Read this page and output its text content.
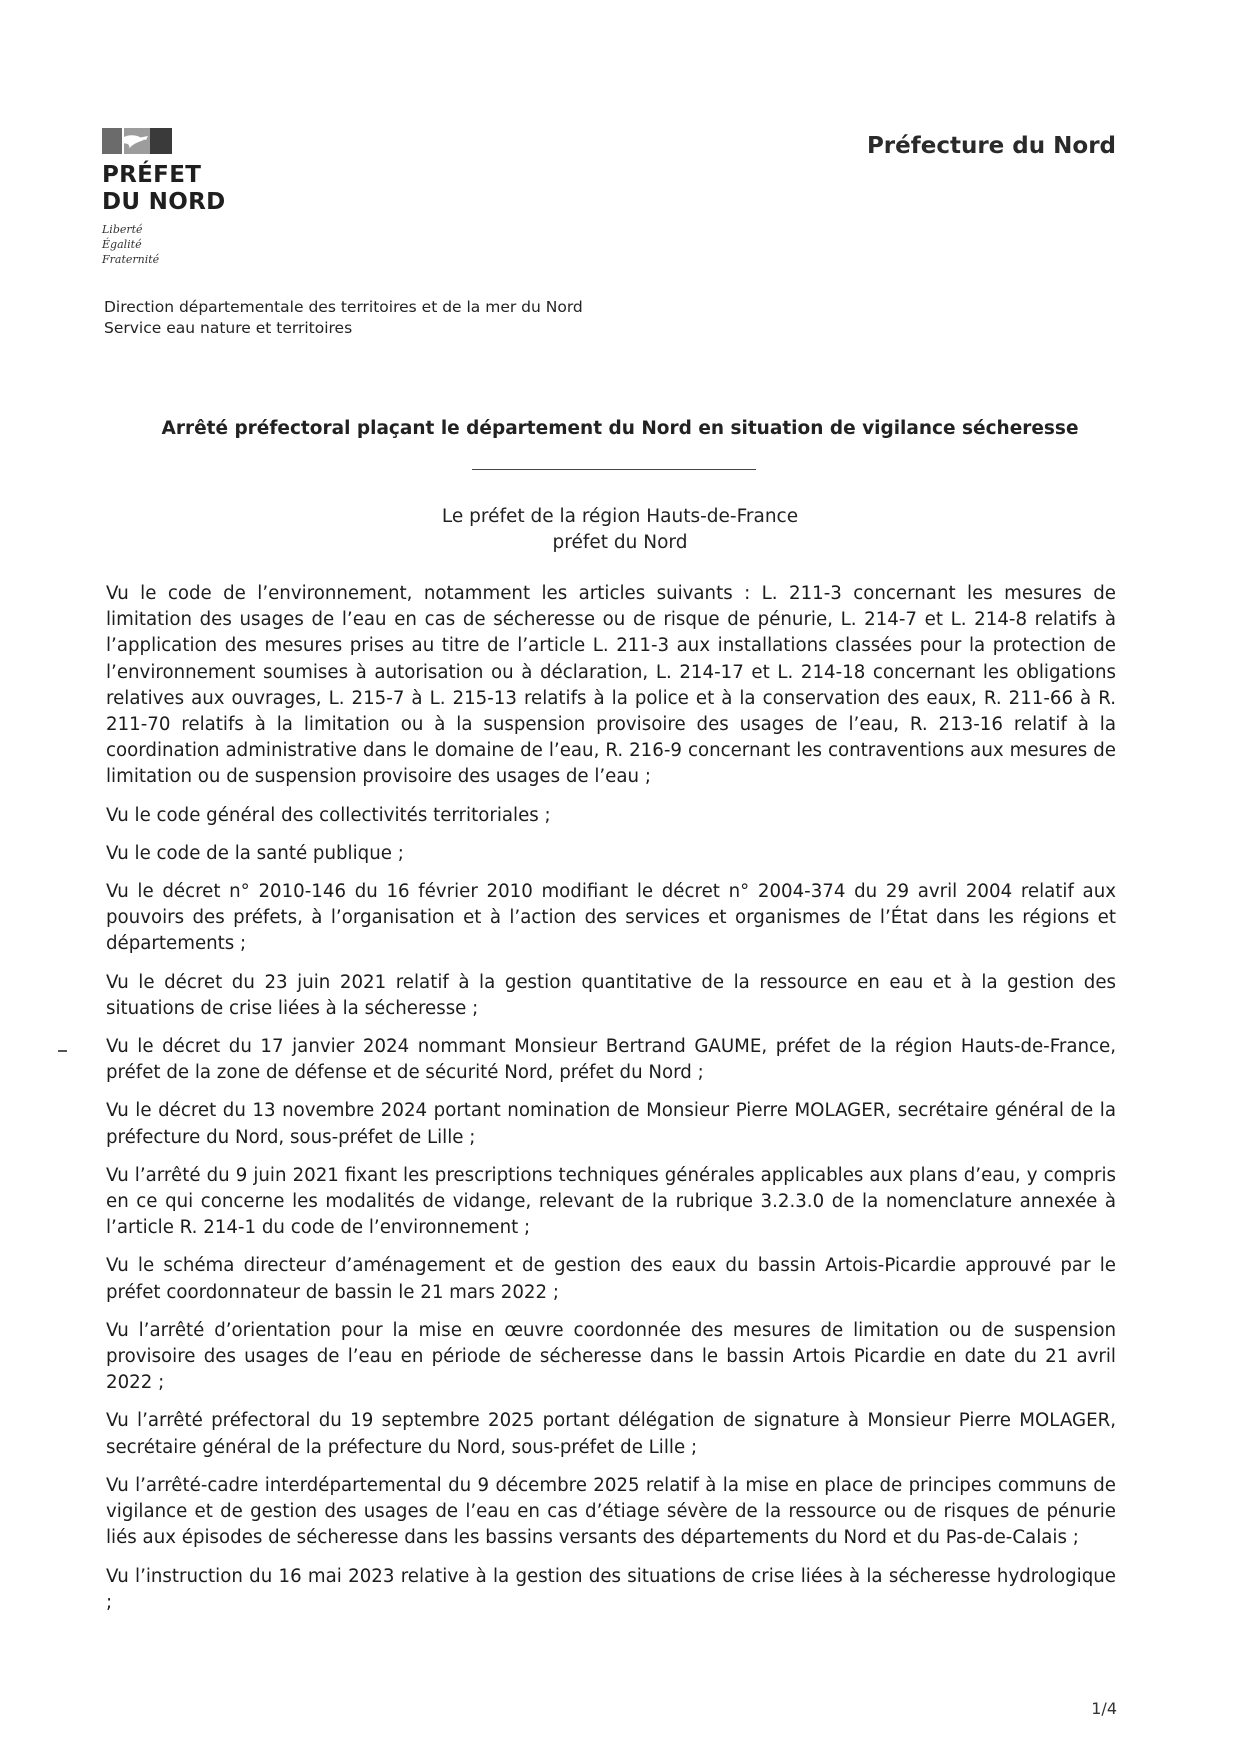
PRÉFET
DU NORD
Liberté
Égalité
Fraternité
Préfecture du Nord
Direction départementale des territoires et de la mer du Nord
Service eau nature et territoires
Arrêté préfectoral plaçant le département du Nord en situation de vigilance sécheresse
Le préfet de la région Hauts-de-France
préfet du Nord

Vu le code de l’environnement, notamment les articles suivants : L. 211-3 concernant les mesures de limitation des usages de l’eau en cas de sécheresse ou de risque de pénurie, L. 214-7 et L. 214-8 relatifs à l’application des mesures prises au titre de l’article L. 211-3 aux installations classées pour la protection de l’environnement soumises à autorisation ou à déclaration, L. 214-17 et L. 214-18 concernant les obligations relatives aux ouvrages, L. 215-7 à L. 215-13 relatifs à la police et à la conservation des eaux, R. 211-66 à R. 211-70 relatifs à la limitation ou à la suspension provisoire des usages de l’eau, R. 213-16 relatif à la coordination administrative dans le domaine de l’eau, R. 216-9 concernant les contraventions aux mesures de limitation ou de suspension provisoire des usages de l’eau ;

Vu le code général des collectivités territoriales ;

Vu le code de la santé publique ;

Vu le décret n° 2010-146 du 16 février 2010 modifiant le décret n° 2004-374 du 29 avril 2004 relatif aux pouvoirs des préfets, à l’organisation et à l’action des services et organismes de l’État dans les régions et départements ;

Vu le décret du 23 juin 2021 relatif à la gestion quantitative de la ressource en eau et à la gestion des situations de crise liées à la sécheresse ;

Vu le décret du 17 janvier 2024 nommant Monsieur Bertrand GAUME, préfet de la région Hauts-de-France, préfet de la zone de défense et de sécurité Nord, préfet du Nord ;

Vu le décret du 13 novembre 2024 portant nomination de Monsieur Pierre MOLAGER, secrétaire général de la préfecture du Nord, sous-préfet de Lille ;

Vu l’arrêté du 9 juin 2021 fixant les prescriptions techniques générales applicables aux plans d’eau, y compris en ce qui concerne les modalités de vidange, relevant de la rubrique 3.2.3.0 de la nomenclature annexée à l’article R. 214-1 du code de l’environnement ;

Vu le schéma directeur d’aménagement et de gestion des eaux du bassin Artois-Picardie approuvé par le préfet coordonnateur de bassin le 21 mars 2022 ;

Vu l’arrêté d’orientation pour la mise en œuvre coordonnée des mesures de limitation ou de suspension provisoire des usages de l’eau en période de sécheresse dans le bassin Artois Picardie en date du 21 avril 2022 ;

Vu l’arrêté préfectoral du 19 septembre 2025 portant délégation de signature à Monsieur Pierre MOLAGER, secrétaire général de la préfecture du Nord, sous-préfet de Lille ;

Vu l’arrêté-cadre interdépartemental du 9 décembre 2025 relatif à la mise en place de principes communs de vigilance et de gestion des usages de l’eau en cas d’étiage sévère de la ressource ou de risques de pénurie liés aux épisodes de sécheresse dans les bassins versants des départements du Nord et du Pas-de-Calais ;

Vu l’instruction du 16 mai 2023 relative à la gestion des situations de crise liées à la sécheresse hydrologique ;

1/4
